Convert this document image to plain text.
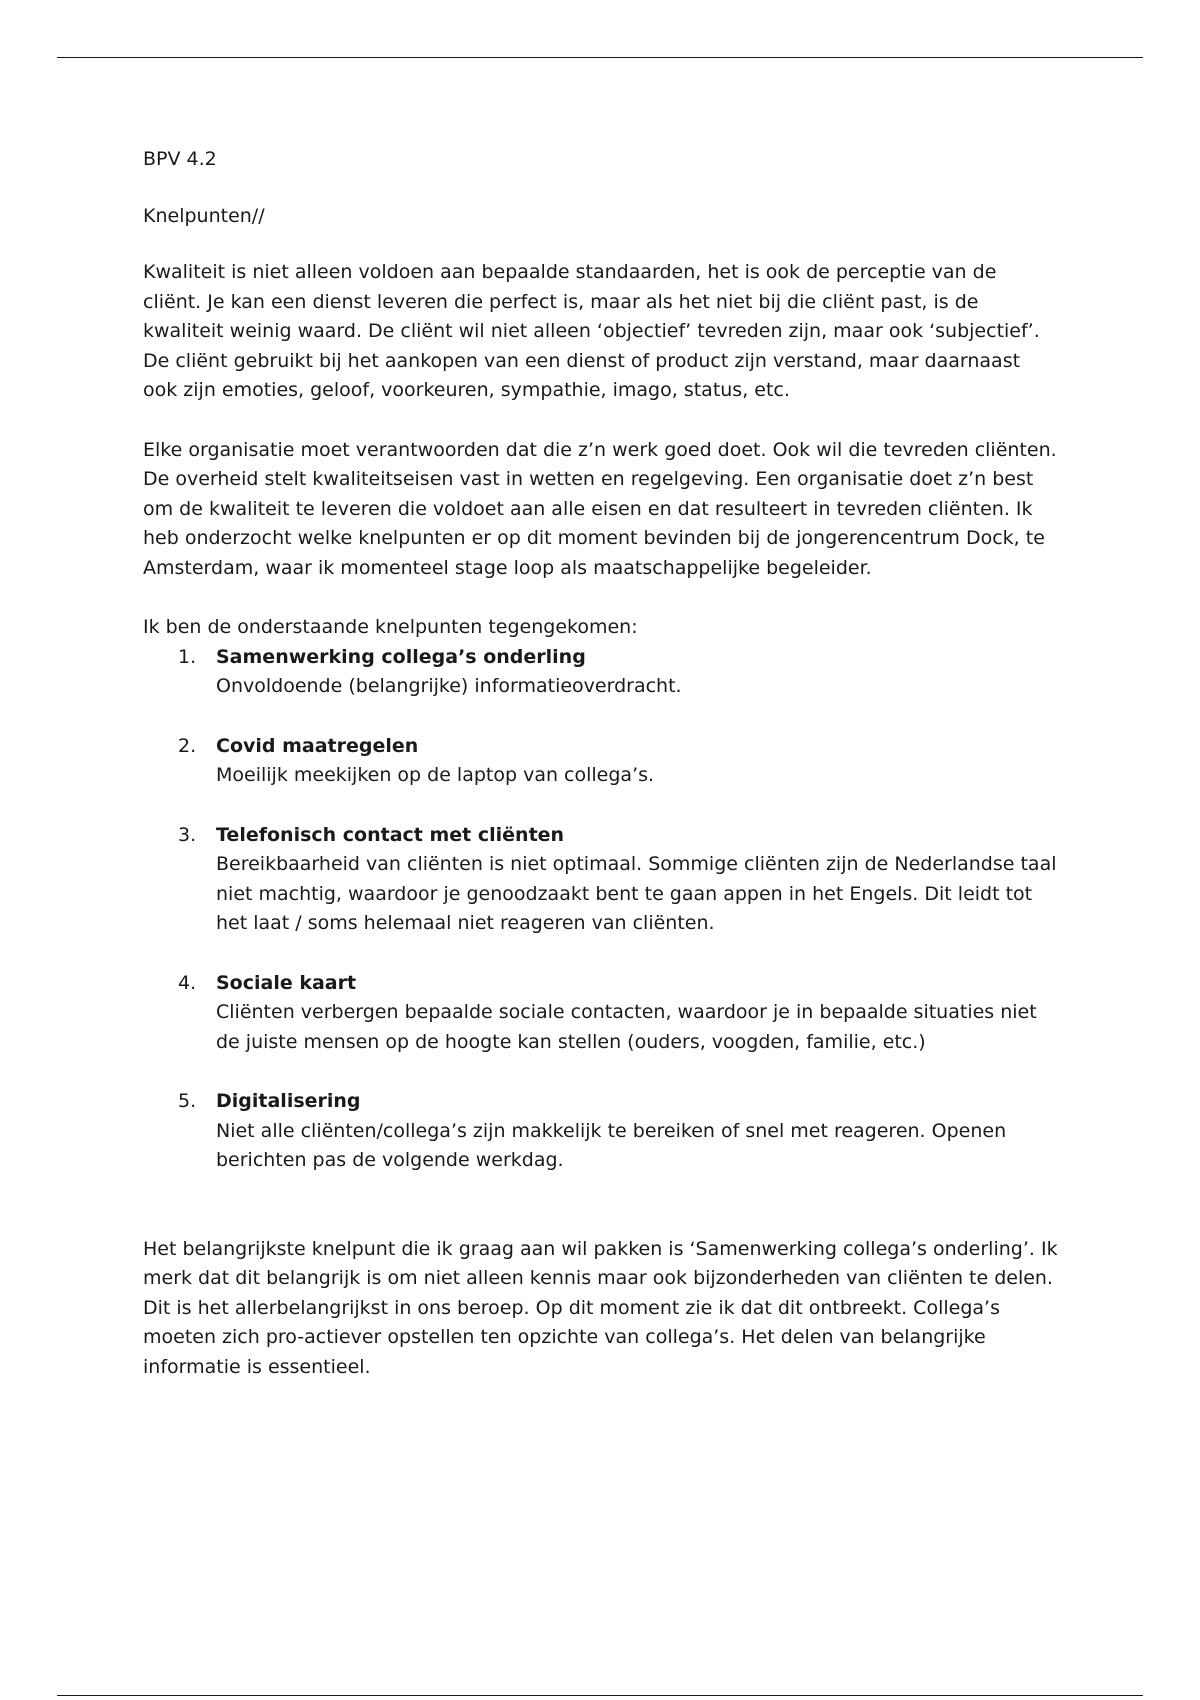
BPV 4.2

Knelpunten//

Kwaliteit is niet alleen voldoen aan bepaalde standaarden, het is ook de perceptie van de cliënt. Je kan een dienst leveren die perfect is, maar als het niet bij die cliënt past, is de kwaliteit weinig waard. De cliënt wil niet alleen ‘objectief’ tevreden zijn, maar ook ‘subjectief’. De cliënt gebruikt bij het aankopen van een dienst of product zijn verstand, maar daarnaast ook zijn emoties, geloof, voorkeuren, sympathie, imago, status, etc.

Elke organisatie moet verantwoorden dat die z’n werk goed doet. Ook wil die tevreden cliënten. De overheid stelt kwaliteitseisen vast in wetten en regelgeving. Een organisatie doet z’n best om de kwaliteit te leveren die voldoet aan alle eisen en dat resulteert in tevreden cliënten. Ik heb onderzocht welke knelpunten er op dit moment bevinden bij de jongerencentrum Dock, te Amsterdam, waar ik momenteel stage loop als maatschappelijke begeleider.

Ik ben de onderstaande knelpunten tegengekomen:

1. Samenwerking collega’s onderling
Onvoldoende (belangrijke) informatieoverdracht.
2. Covid maatregelen
Moeilijk meekijken op de laptop van collega’s.
3. Telefonisch contact met cliënten
Bereikbaarheid van cliënten is niet optimaal. Sommige cliënten zijn de Nederlandse taal niet machtig, waardoor je genoodzaakt bent te gaan appen in het Engels. Dit leidt tot het laat / soms helemaal niet reageren van cliënten.
4. Sociale kaart
Cliënten verbergen bepaalde sociale contacten, waardoor je in bepaalde situaties niet de juiste mensen op de hoogte kan stellen (ouders, voogden, familie, etc.)
5. Digitalisering
Niet alle cliënten/collega’s zijn makkelijk te bereiken of snel met reageren. Openen berichten pas de volgende werkdag.

Het belangrijkste knelpunt die ik graag aan wil pakken is ‘Samenwerking collega’s onderling’. Ik merk dat dit belangrijk is om niet alleen kennis maar ook bijzonderheden van cliënten te delen. Dit is het allerbelangrijkst in ons beroep. Op dit moment zie ik dat dit ontbreekt. Collega’s moeten zich pro-actiever opstellen ten opzichte van collega’s. Het delen van belangrijke informatie is essentieel.
